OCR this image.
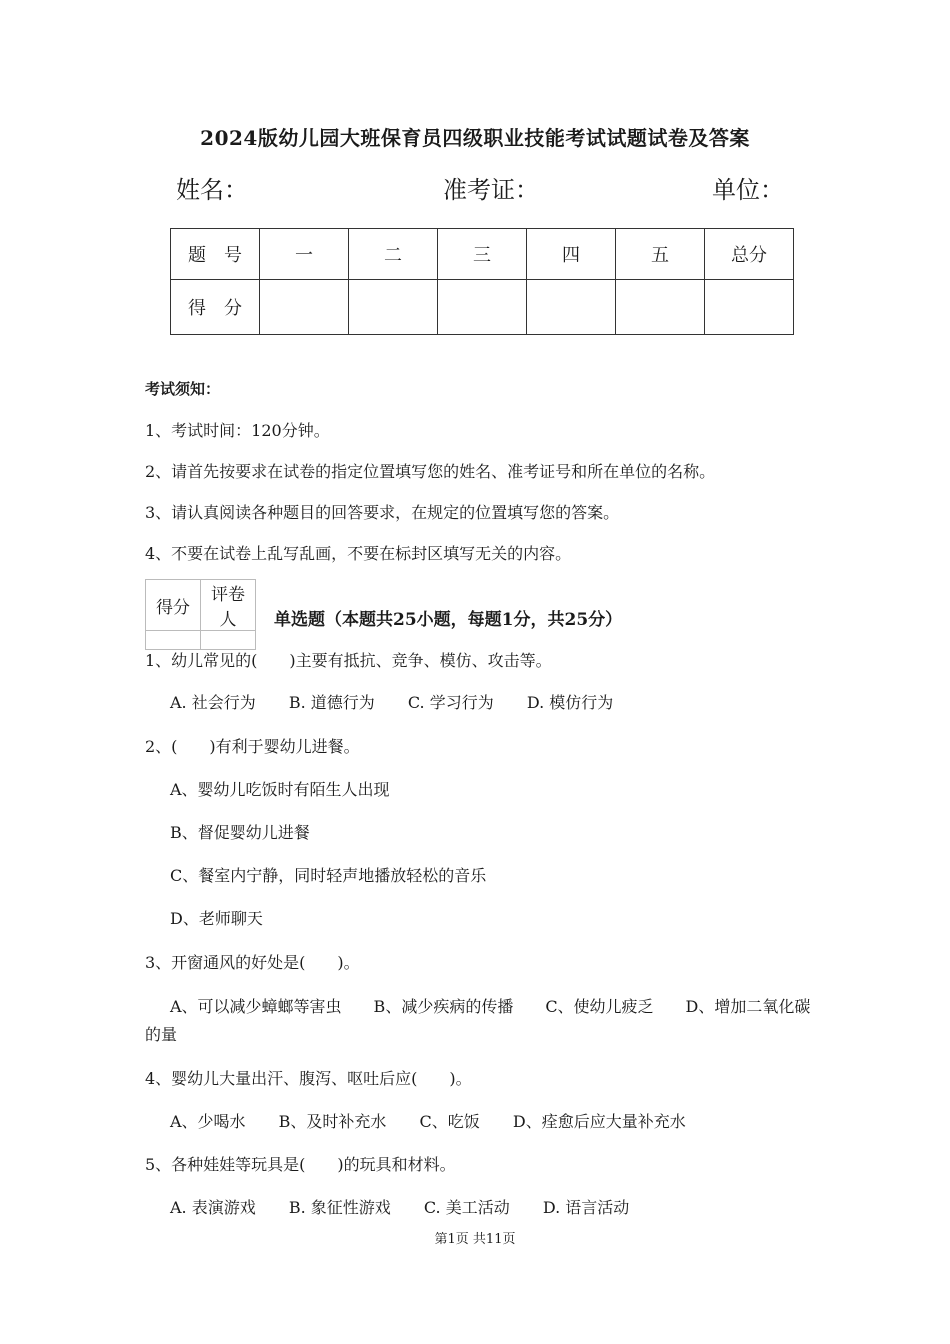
2024版幼儿园大班保育员四级职业技能考试试题试卷及答案
姓名：	准考证：	单位：
题　号	一	二	三	四	五	总分
得　分						
考试须知：
1、考试时间：120分钟。
2、请首先按要求在试卷的指定位置填写您的姓名、准考证号和所在单位的名称。
3、请认真阅读各种题目的回答要求，在规定的位置填写您的答案。
4、不要在试卷上乱写乱画，不要在标封区填写无关的内容。
得分	评卷人
	单选题（本题共25小题，每题1分，共25分）
1、幼儿常见的(　　)主要有抵抗、竞争、模仿、攻击等。
A. 社会行为 B. 道德行为 C. 学习行为 D. 模仿行为
2、(　　)有利于婴幼儿进餐。
A、婴幼儿吃饭时有陌生人出现
B、督促婴幼儿进餐
C、餐室内宁静，同时轻声地播放轻松的音乐
D、老师聊天
3、开窗通风的好处是(　　)。
A、可以减少蟑螂等害虫　　B、减少疾病的传播　　C、使幼儿疲乏　　D、增加二氧化碳
的量
4、婴幼儿大量出汗、腹泻、呕吐后应(　　)。
A、少喝水 B、及时补充水 C、吃饭 D、痊愈后应大量补充水
5、各种娃娃等玩具是(　　)的玩具和材料。
A. 表演游戏 B. 象征性游戏 C. 美工活动 D. 语言活动
第1页 共11页
